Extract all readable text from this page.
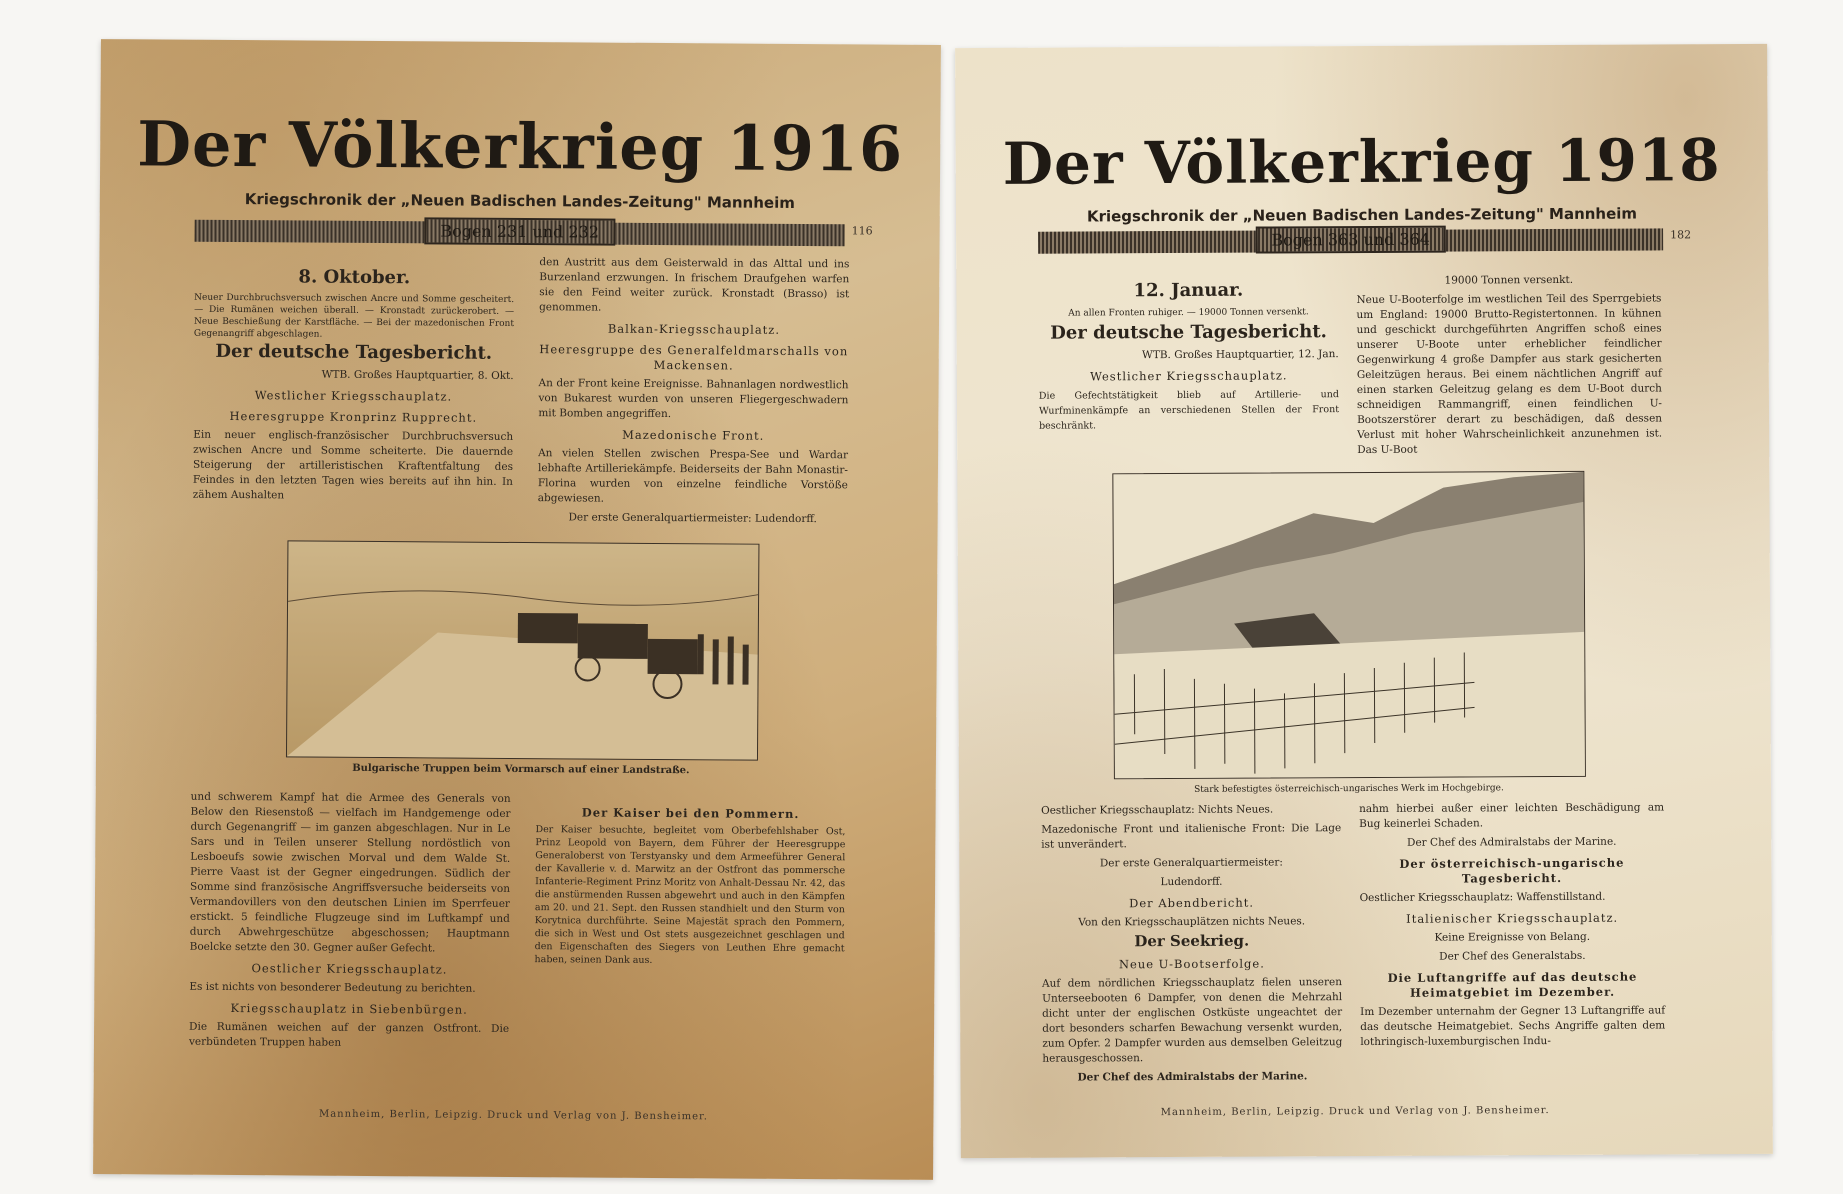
Der Völkerkrieg 1916
Kriegschronik der „Neuen Badischen Landes-Zeitung" Mannheim
Bogen 231 und 232	116
8. Oktober.

Neuer Durchbruchsversuch zwischen Ancre und Somme gescheitert. — Die Rumänen weichen überall. — Kronstadt zurückerobert. — Neue Beschießung der Karstfläche. — Bei der mazedonischen Front Gegenangriff abgeschlagen.

Der deutsche Tagesbericht.

WTB. Großes Hauptquartier, 8. Okt.

Westlicher Kriegsschauplatz.
Heeresgruppe Kronprinz Rupprecht.

Ein neuer englisch-französischer Durchbruchsversuch zwischen Ancre und Somme scheiterte. Die dauernde Steigerung der artilleristischen Kraftentfaltung des Feindes in den letzten Tagen wies bereits auf ihn hin. In zähem Aushalten

den Austritt aus dem Geisterwald in das Alttal und ins Burzenland erzwungen. In frischem Draufgehen warfen sie den Feind weiter zurück. Kronstadt (Brasso) ist genommen.

Balkan-Kriegsschauplatz.
Heeresgruppe des Generalfeldmarschalls von Mackensen.

An der Front keine Ereignisse. Bahnanlagen nordwestlich von Bukarest wurden von unseren Fliegergeschwadern mit Bomben angegriffen.

Mazedonische Front.

An vielen Stellen zwischen Prespa-See und Wardar lebhafte Artilleriekämpfe. Beiderseits der Bahn Monastir-Florina wurden von einzelne feindliche Vorstöße abgewiesen.

Der erste Generalquartiermeister: Ludendorff.

Bulgarische Truppen beim Vormarsch auf einer Landstraße.

und schwerem Kampf hat die Armee des Generals von Below den Riesenstoß — vielfach im Handgemenge oder durch Gegenangriff — im ganzen abgeschlagen. Nur in Le Sars und in Teilen unserer Stellung nordöstlich von Lesboeufs sowie zwischen Morval und dem Walde St. Pierre Vaast ist der Gegner eingedrungen. Südlich der Somme sind französische Angriffsversuche beiderseits von Vermandovillers von den deutschen Linien im Sperrfeuer erstickt. 5 feindliche Flugzeuge sind im Luftkampf und durch Abwehrgeschütze abgeschossen; Hauptmann Boelcke setzte den 30. Gegner außer Gefecht.

Oestlicher Kriegsschauplatz.

Es ist nichts von besonderer Bedeutung zu berichten.

Kriegsschauplatz in Siebenbürgen.

Die Rumänen weichen auf der ganzen Ostfront. Die verbündeten Truppen haben

Der Kaiser bei den Pommern.

Der Kaiser besuchte, begleitet vom Oberbefehlshaber Ost, Prinz Leopold von Bayern, dem Führer der Heeresgruppe Generaloberst von Terstyansky und dem Armeeführer General der Kavallerie v. d. Marwitz an der Ostfront das pommersche Infanterie-Regiment Prinz Moritz von Anhalt-Dessau Nr. 42, das die anstürmenden Russen abgewehrt und auch in den Kämpfen am 20. und 21. Sept. den Russen standhielt und den Sturm von Korytnica durchführte. Seine Majestät sprach den Pommern, die sich in West und Ost stets ausgezeichnet geschlagen und den Eigenschaften des Siegers von Leuthen Ehre gemacht haben, seinen Dank aus.

Mannheim, Berlin, Leipzig. Druck und Verlag von J. Bensheimer.
Der Völkerkrieg 1918
Kriegschronik der „Neuen Badischen Landes-Zeitung" Mannheim
Bogen 363 und 364	182
12. Januar.

An allen Fronten ruhiger. — 19000 Tonnen versenkt.

Der deutsche Tagesbericht.

WTB. Großes Hauptquartier, 12. Jan.

Westlicher Kriegsschauplatz.

Die Gefechtstätigkeit blieb auf Artillerie- und Wurfminenkämpfe an verschiedenen Stellen der Front beschränkt.

19000 Tonnen versenkt.

Neue U-Booterfolge im westlichen Teil des Sperrgebiets um England: 19000 Brutto-Registertonnen. In kühnen und geschickt durchgeführten Angriffen schoß eines unserer U-Boote unter erheblicher feindlicher Gegenwirkung 4 große Dampfer aus stark gesicherten Geleitzügen heraus. Bei einem nächtlichen Angriff auf einen starken Geleitzug gelang es dem U-Boot durch schneidigen Rammangriff, einen feindlichen U-Bootszerstörer derart zu beschädigen, daß dessen Verlust mit hoher Wahrscheinlichkeit anzunehmen ist. Das U-Boot

Stark befestigtes österreichisch-ungarisches Werk im Hochgebirge.

Oestlicher Kriegsschauplatz: Nichts Neues.

Mazedonische Front und italienische Front: Die Lage ist unverändert.

Der erste Generalquartiermeister:

Ludendorff.

Der Abendbericht.

Von den Kriegsschauplätzen nichts Neues.

Der Seekrieg.
Neue U-Bootserfolge.

Auf dem nördlichen Kriegsschauplatz fielen unseren Unterseebooten 6 Dampfer, von denen die Mehrzahl dicht unter der englischen Ostküste ungeachtet der dort besonders scharfen Bewachung versenkt wurden, zum Opfer. 2 Dampfer wurden aus demselben Geleitzug herausgeschossen.

Der Chef des Admiralstabs der Marine.

nahm hierbei außer einer leichten Beschädigung am Bug keinerlei Schaden.

Der Chef des Admiralstabs der Marine.

Der österreichisch-ungarische Tagesbericht.

Oestlicher Kriegsschauplatz: Waffenstillstand.

Italienischer Kriegsschauplatz.

Keine Ereignisse von Belang.

Der Chef des Generalstabs.

Die Luftangriffe auf das deutsche Heimatgebiet im Dezember.

Im Dezember unternahm der Gegner 13 Luftangriffe auf das deutsche Heimatgebiet. Sechs Angriffe galten dem lothringisch-luxemburgischen Indu-

Mannheim, Berlin, Leipzig. Druck und Verlag von J. Bensheimer.
